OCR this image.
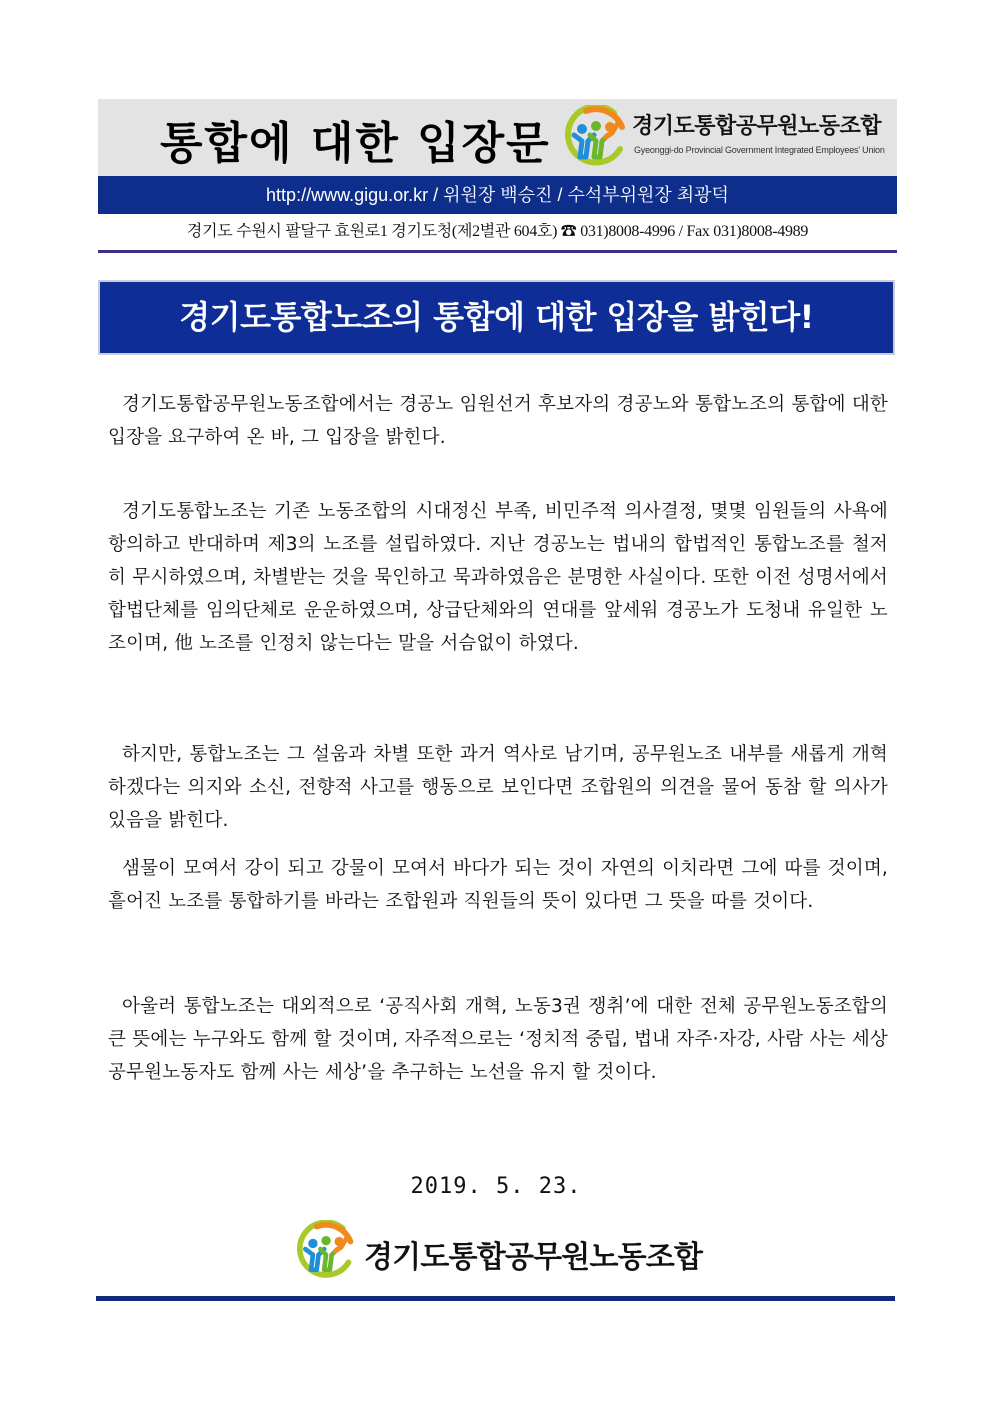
통합에 대한 입장문	경기도통합공무원노동조합
Gyeonggi-do Provincial Government Integrated Employees' Union
http://www.gigu.or.kr / 위원장 백승진 / 수석부위원장 최광덕
경기도 수원시 팔달구 효원로1 경기도청(제2별관 604호) ☎ 031)8008-4996 / Fax 031)8008-4989
경기도통합노조의 통합에 대한 입장을 밝힌다!

경기도통합공무원노동조합에서는 경공노 임원선거 후보자의 경공노와 통합노조의 통합에 대한 입장을 요구하여 온 바, 그 입장을 밝힌다.

경기도통합노조는 기존 노동조합의 시대정신 부족, 비민주적 의사결정, 몇몇 임원들의 사욕에 항의하고 반대하며 제3의 노조를 설립하였다. 지난 경공노는 법내의 합법적인 통합노조를 철저히 무시하였으며, 차별받는 것을 묵인하고 묵과하였음은 분명한 사실이다. 또한 이전 성명서에서 합법단체를 임의단체로 운운하였으며, 상급단체와의 연대를 앞세워 경공노가 도청내 유일한 노조이며, 他 노조를 인정치 않는다는 말을 서슴없이 하였다.

하지만, 통합노조는 그 설움과 차별 또한 과거 역사로 남기며, 공무원노조 내부를 새롭게 개혁하겠다는 의지와 소신, 전향적 사고를 행동으로 보인다면 조합원의 의견을 물어 동참 할 의사가 있음을 밝힌다.

샘물이 모여서 강이 되고 강물이 모여서 바다가 되는 것이 자연의 이치라면 그에 따를 것이며, 흩어진 노조를 통합하기를 바라는 조합원과 직원들의 뜻이 있다면 그 뜻을 따를 것이다.

아울러 통합노조는 대외적으로 ‘공직사회 개혁, 노동3권 쟁취’에 대한 전체 공무원노동조합의 큰 뜻에는 누구와도 함께 할 것이며, 자주적으로는 ‘정치적 중립, 법내 자주·자강, 사람 사는 세상 공무원노동자도 함께 사는 세상’을 추구하는 노선을 유지 할 것이다.

2019. 5. 23.
경기도통합공무원노동조합
